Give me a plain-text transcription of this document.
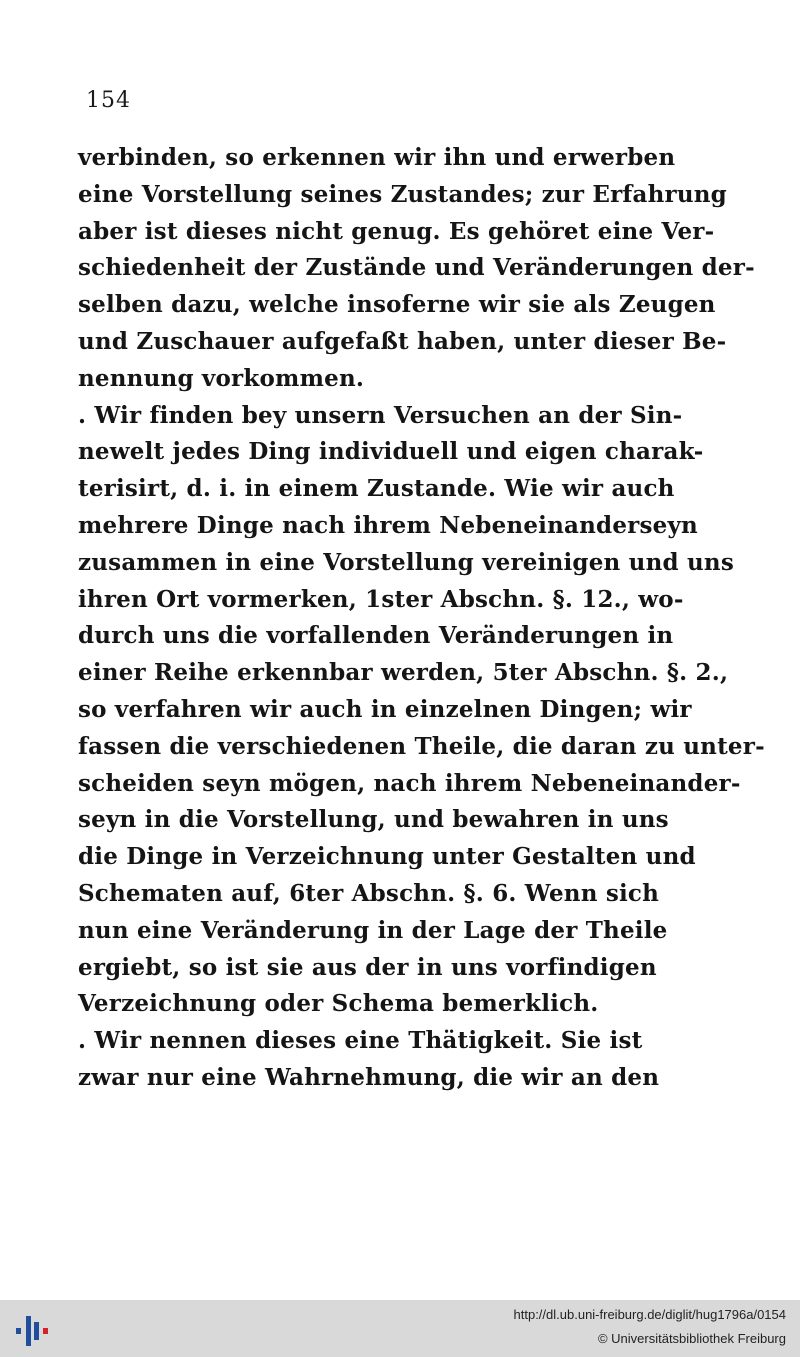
154
verbinden, so erkennen wir ihn und erwerben
eine Vorstellung seines Zustandes; zur Erfahrung
aber ist dieses nicht genug. Es gehöret eine Ver-
schiedenheit der Zustände und Veränderungen der-
selben dazu, welche insoferne wir sie als Zeugen
und Zuschauer aufgefaßt haben, unter dieser Be-
nennung vorkommen.
. Wir finden bey unsern Versuchen an der Sin-
newelt jedes Ding individuell und eigen charak-
terisirt, d. i. in einem Zustande. Wie wir auch
mehrere Dinge nach ihrem Nebeneinanderseyn
zusammen in eine Vorstellung vereinigen und uns
ihren Ort vormerken, 1ster Abschn. §. 12., wo-
durch uns die vorfallenden Veränderungen in
einer Reihe erkennbar werden, 5ter Abschn. §. 2.,
so verfahren wir auch in einzelnen Dingen; wir
fassen die verschiedenen Theile, die daran zu unter-
scheiden seyn mögen, nach ihrem Nebeneinander-
seyn in die Vorstellung, und bewahren in uns
die Dinge in Verzeichnung unter Gestalten und
Schematen auf, 6ter Abschn. §. 6. Wenn sich
nun eine Veränderung in der Lage der Theile
ergiebt, so ist sie aus der in uns vorfindigen
Verzeichnung oder Schema bemerklich.
. Wir nennen dieses eine Thätigkeit. Sie ist
zwar nur eine Wahrnehmung, die wir an den
http://dl.ub.uni-freiburg.de/diglit/hug1796a/0154
© Universitätsbibliothek Freiburg
